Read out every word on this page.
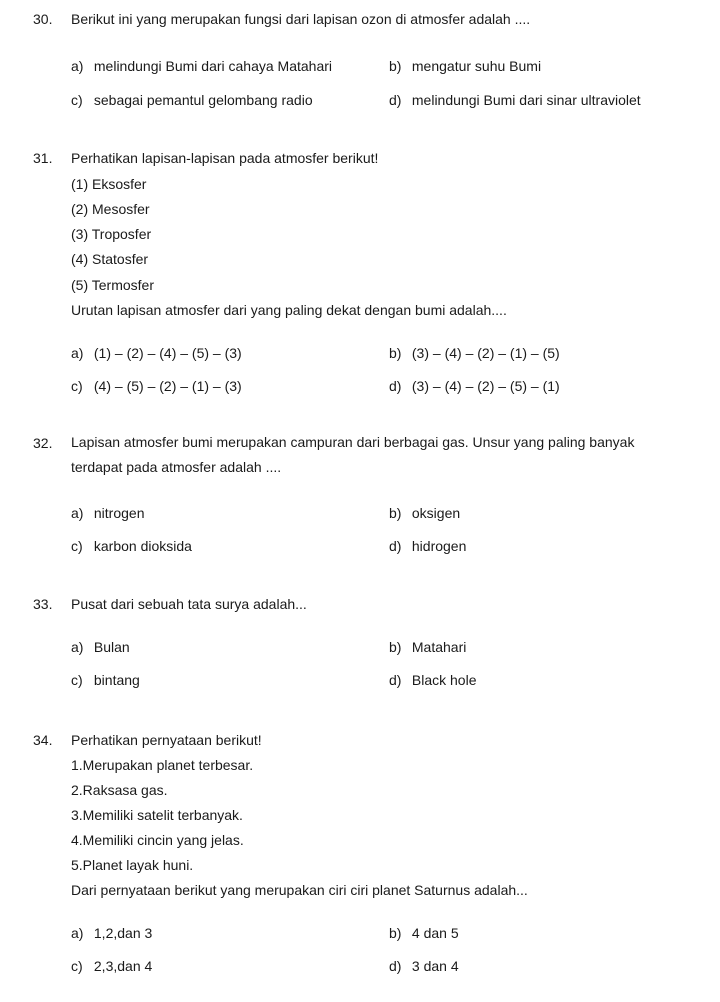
30. Berikut ini yang merupakan fungsi dari lapisan ozon di atmosfer adalah ....
a) melindungi Bumi dari cahaya Matahari	b) mengatur suhu Bumi
c) sebagai pemantul gelombang radio	d) melindungi Bumi dari sinar ultraviolet
31. Perhatikan lapisan-lapisan pada atmosfer berikut!
(1) Eksosfer
(2) Mesosfer
(3) Troposfer
(4) Statosfer
(5) Termosfer
Urutan lapisan atmosfer dari yang paling dekat dengan bumi adalah....
a) (1) – (2) – (4) – (5) – (3)	b) (3) – (4) – (2) – (1) – (5)
c) (4) – (5) – (2) – (1) – (3)	d) (3) – (4) – (2) – (5) – (1)
32. Lapisan atmosfer bumi merupakan campuran dari berbagai gas. Unsur yang paling banyak terdapat pada atmosfer adalah ....
a) nitrogen	b) oksigen
c) karbon dioksida	d) hidrogen
33. Pusat dari sebuah tata surya adalah...
a) Bulan	b) Matahari
c) bintang	d) Black hole
34. Perhatikan pernyataan berikut!
1.Merupakan planet terbesar.
2.Raksasa gas.
3.Memiliki satelit terbanyak.
4.Memiliki cincin yang jelas.
5.Planet layak huni.
Dari pernyataan berikut yang merupakan ciri ciri planet Saturnus adalah...
a) 1,2,dan 3	b) 4 dan 5
c) 2,3,dan 4	d) 3 dan 4
